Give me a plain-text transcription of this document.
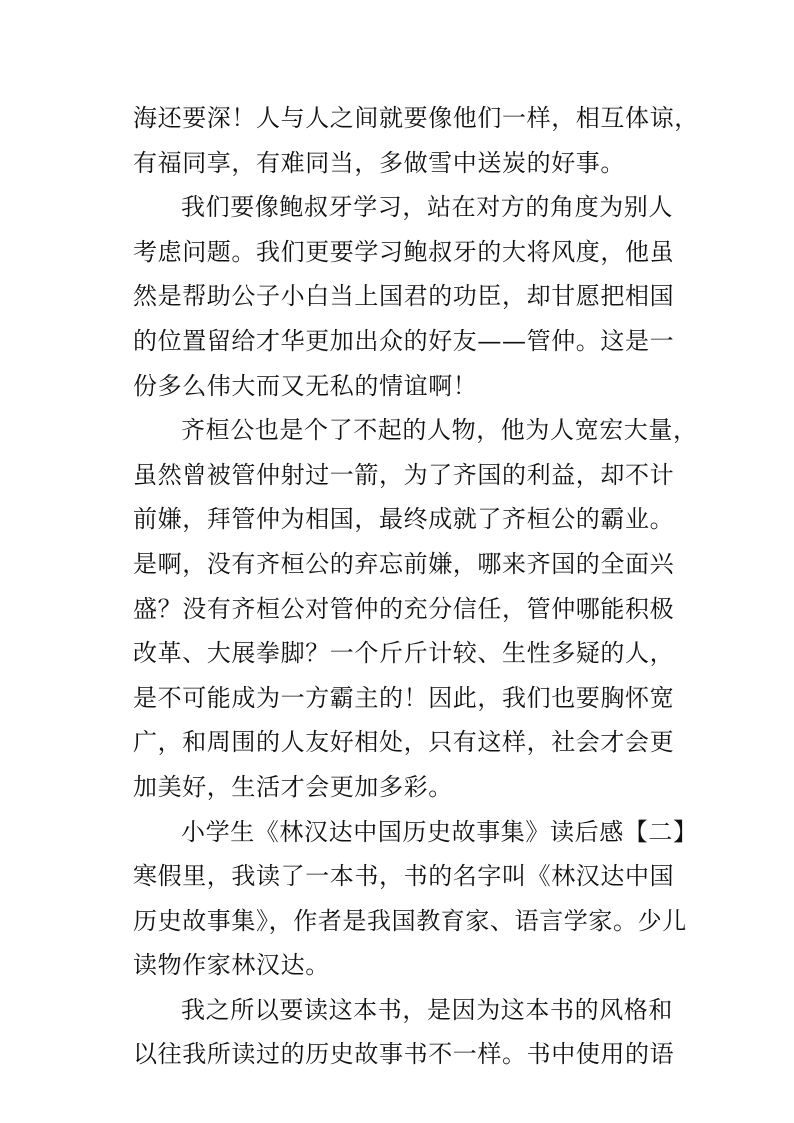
海还要深！人与人之间就要像他们一样，相互体谅，
有福同享，有难同当，多做雪中送炭的好事。
我们要像鲍叔牙学习，站在对方的角度为别人
考虑问题。我们更要学习鲍叔牙的大将风度，他虽
然是帮助公子小白当上国君的功臣，却甘愿把相国
的位置留给才华更加出众的好友——管仲。这是一
份多么伟大而又无私的情谊啊！
齐桓公也是个了不起的人物，他为人宽宏大量，
虽然曾被管仲射过一箭，为了齐国的利益，却不计
前嫌，拜管仲为相国，最终成就了齐桓公的霸业。
是啊，没有齐桓公的弃忘前嫌，哪来齐国的全面兴
盛？没有齐桓公对管仲的充分信任，管仲哪能积极
改革、大展拳脚？一个斤斤计较、生性多疑的人，
是不可能成为一方霸主的！因此，我们也要胸怀宽
广，和周围的人友好相处，只有这样，社会才会更
加美好，生活才会更加多彩。
小学生《林汉达中国历史故事集》读后感【二】
寒假里，我读了一本书，书的名字叫《林汉达中国
历史故事集》，作者是我国教育家、语言学家。少儿
读物作家林汉达。
我之所以要读这本书，是因为这本书的风格和
以往我所读过的历史故事书不一样。书中使用的语
